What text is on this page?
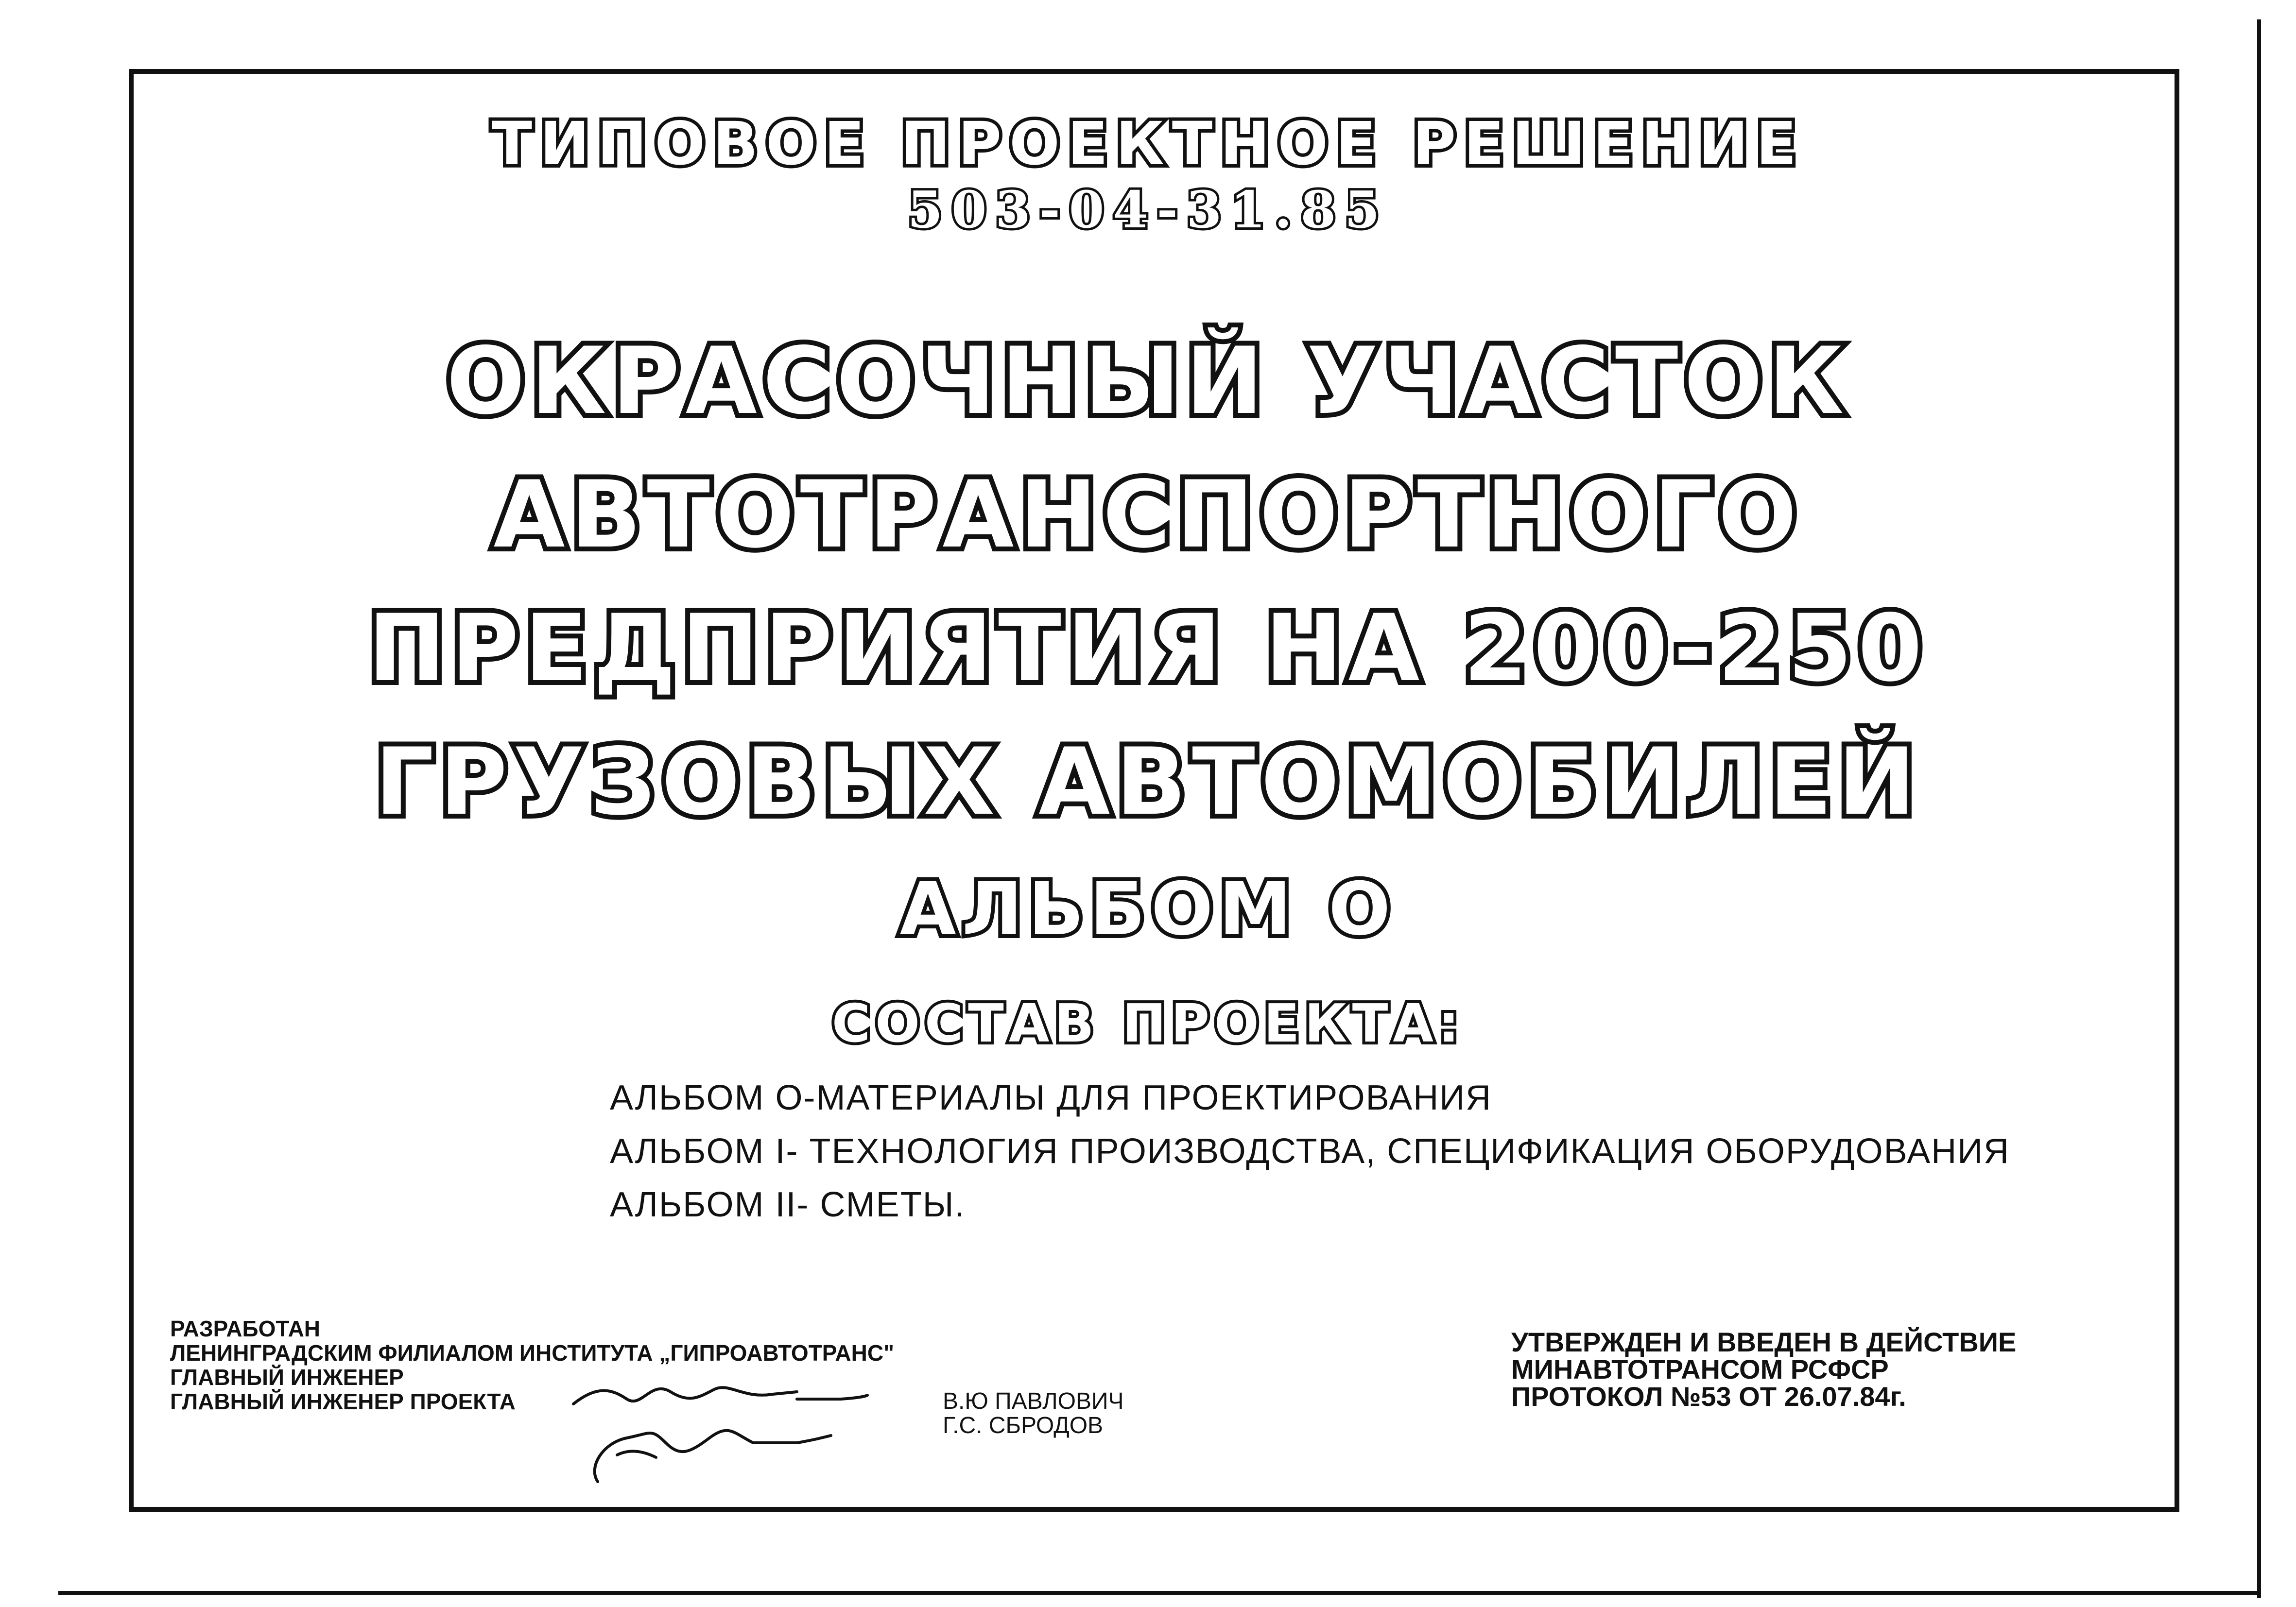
ТИПОВОЕ ПРОЕКТНОЕ РЕШЕНИЕ
503-04-31.85
ОКРАСОЧНЫЙ УЧАСТОК
АВТОТРАНСПОРТНОГО
ПРЕДПРИЯТИЯ НА 200-250
ГРУЗОВЫХ АВТОМОБИЛЕЙ
АЛЬБОМ О
СОСТАВ ПРОЕКТА:
АЛЬБОМ О-МАТЕРИАЛЫ ДЛЯ ПРОЕКТИРОВАНИЯ
АЛЬБОМ I- ТЕХНОЛОГИЯ ПРОИЗВОДСТВА, СПЕЦИФИКАЦИЯ ОБОРУДОВАНИЯ
АЛЬБОМ II- СМЕТЫ.
РАЗРАБОТАН
ЛЕНИНГРАДСКИМ ФИЛИАЛОМ ИНСТИТУТА „ГИПРОАВТОТРАНС"
ГЛАВНЫЙ ИНЖЕНЕР
ГЛАВНЫЙ ИНЖЕНЕР ПРОЕКТА	В.Ю ПАВЛОВИЧ
Г.С. СБРОДОВ
УТВЕРЖДЕН И ВВЕДЕН В ДЕЙСТВИЕ
МИНАВТОТРАНСОМ РСФСР
ПРОТОКОЛ №53 ОТ 26.07.84г.
